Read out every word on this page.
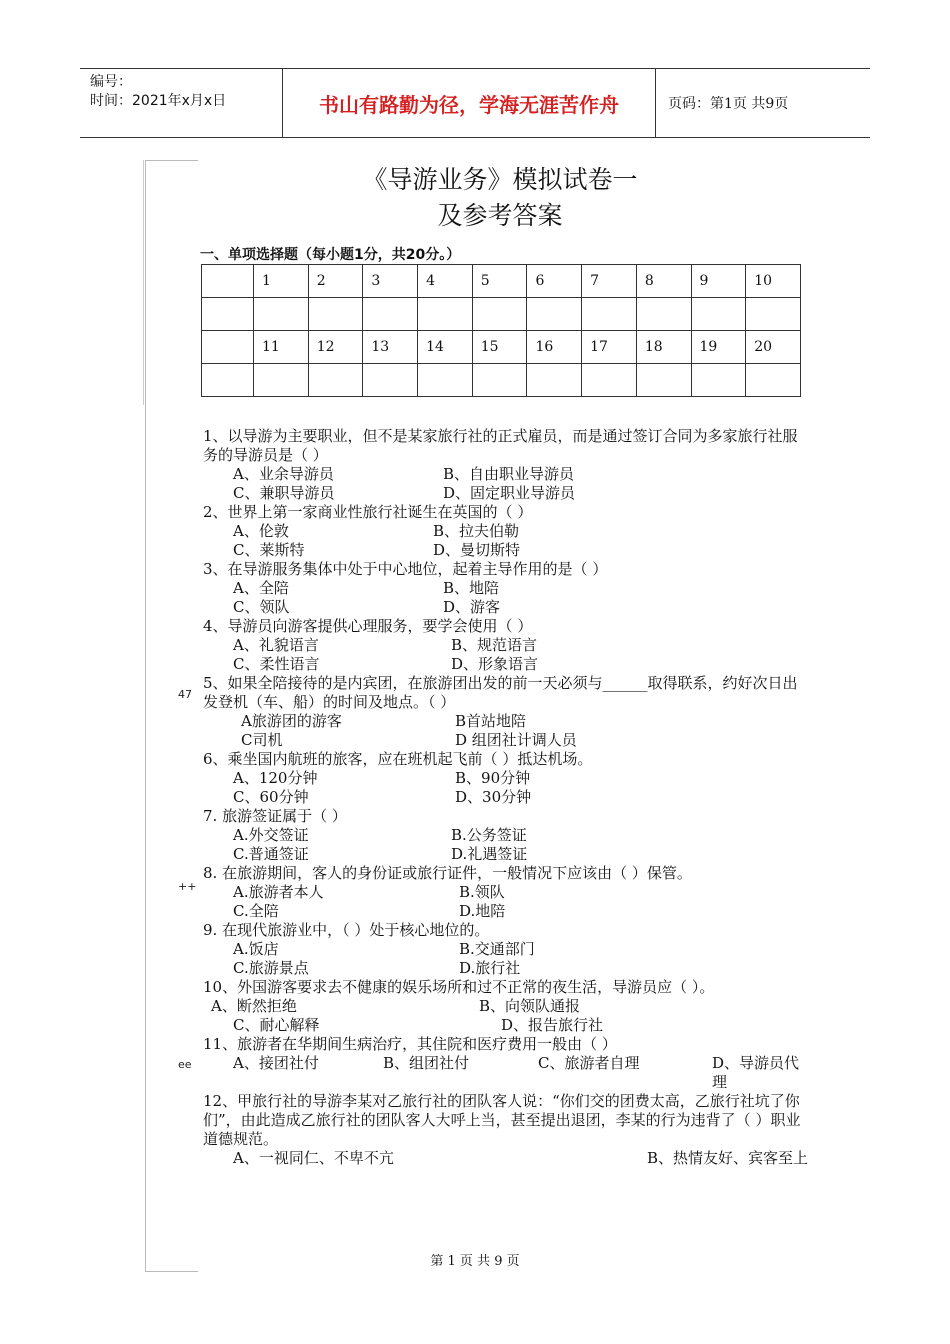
编号：
时间：2021年x月x日	书山有路勤为径，学海无涯苦作舟	页码：第1页 共9页
47
++
ee
《导游业务》模拟试卷一
及参考答案
一、单项选择题（每小题1分，共20分。）
	1	2	3	4	5	6	7	8	9	10

	11	12	13	14	15	16	17	18	19	20

1、以导游为主要职业，但不是某家旅行社的正式雇员，而是通过签订合同为多家旅行社服务的导游员是（ ）

A、业余导游员	B、自由职业导游员
C、兼职导游员	D、固定职业导游员

2、世界上第一家商业性旅行社诞生在英国的（ ）

A、伦敦	B、拉夫伯勒
C、莱斯特	D、曼切斯特

3、在导游服务集体中处于中心地位，起着主导作用的是（ ）

A、全陪	B、地陪
C、领队	D、游客

4、导游员向游客提供心理服务，要学会使用（ ）

A、礼貌语言	B、规范语言
C、柔性语言	D、形象语言

5、如果全陪接待的是内宾团，在旅游团出发的前一天必须与______取得联系，约好次日出发登机（车、船）的时间及地点。（ ）

A旅游团的游客	B首站地陪
C司机	D 组团社计调人员

6、乘坐国内航班的旅客，应在班机起飞前（ ）抵达机场。

A、120分钟	B、90分钟
C、60分钟	D、30分钟

7. 旅游签证属于（ ）

A.外交签证	B.公务签证
C.普通签证	D.礼遇签证

8. 在旅游期间，客人的身份证或旅行证件，一般情况下应该由（ ）保管。

A.旅游者本人	B.领队
C.全陪	D.地陪

9. 在现代旅游业中，（ ）处于核心地位的。

A.饭店	B.交通部门
C.旅游景点	D.旅行社

10、外国游客要求去不健康的娱乐场所和过不正常的夜生活，导游员应（ ）。

A、断然拒绝	B、向领队通报
C、耐心解释	D、报告旅行社

11、旅游者在华期间生病治疗，其住院和医疗费用一般由（ ）

A、接团社付	B、组团社付	C、旅游者自理	D、导游员代理

12、甲旅行社的导游李某对乙旅行社的团队客人说：“你们交的团费太高，乙旅行社坑了你们”，由此造成乙旅行社的团队客人大呼上当，甚至提出退团，李某的行为违背了（ ）职业道德规范。

A、一视同仁、不卑不亢	B、热情友好、宾客至上
第 1 页 共 9 页
